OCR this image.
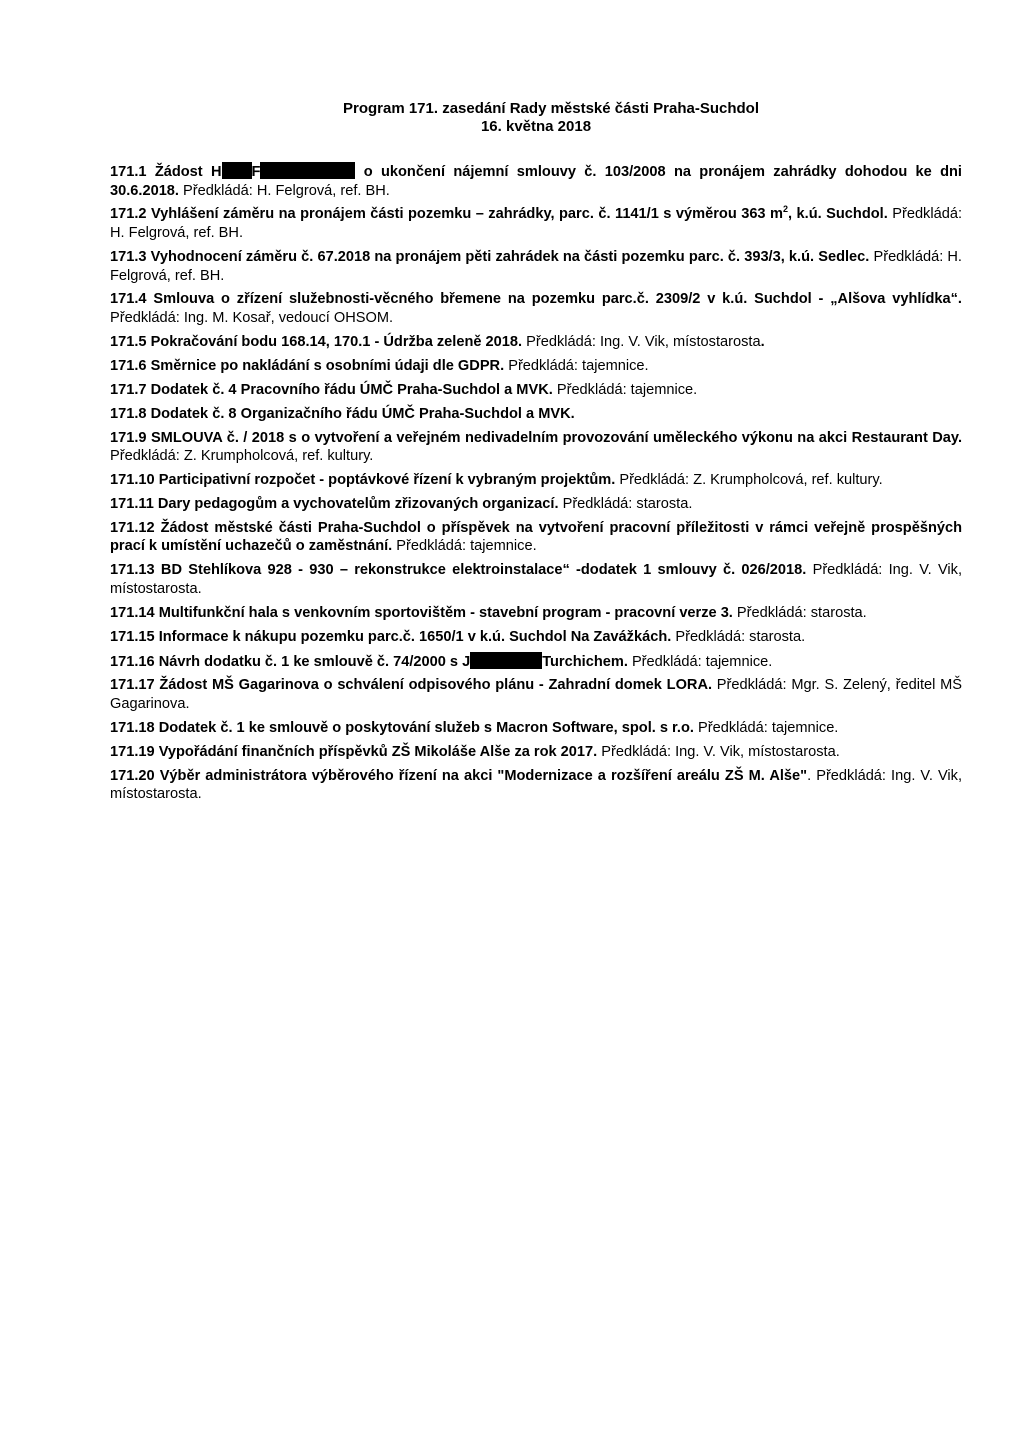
Program 171. zasedání Rady městské části Praha-Suchdol
16. května 2018
171.1 Žádost H F	o ukončení nájemní smlouvy č. 103/2008 na pronájem zahrádky dohodou ke dni 30.6.2018. Předkládá: H. Felgrová, ref. BH.
171.2 Vyhlášení záměru na pronájem části pozemku – zahrádky, parc. č. 1141/1 s výměrou 363 $m^2$, k.ú. Suchdol. Předkládá: H. Felgrová, ref. BH.
171.3 Vyhodnocení záměru č. 67.2018 na pronájem pěti zahrádek na části pozemku parc. č. 393/3, k.ú. Sedlec. Předkládá: H. Felgrová, ref. BH.
171.4 Smlouva o zřízení služebnosti-věcného břemene na pozemku parc.č. 2309/2 v k.ú. Suchdol - „Alšova vyhlídka“. Předkládá: Ing. M. Kosař, vedoucí OHSOM.
171.5 Pokračování bodu 168.14, 170.1 - Údržba zeleně 2018. Předkládá: Ing. V. Vik, místostarosta.
171.6 Směrnice po nakládání s osobními údaji dle GDPR. Předkládá: tajemnice.
171.7 Dodatek č. 4 Pracovního řádu ÚMČ Praha-Suchdol a MVK. Předkládá: tajemnice.
171.8 Dodatek č. 8 Organizačního řádu ÚMČ Praha-Suchdol a MVK.
171.9 SMLOUVA č. / 2018 s o vytvoření a veřejném nedivadelním provozování uměleckého výkonu na akci Restaurant Day. Předkládá: Z. Krumpholcová, ref. kultury.
171.10 Participativní rozpočet - poptávkové řízení k vybraným projektům. Předkládá: Z. Krumpholcová, ref. kultury.
171.11 Dary pedagogům a vychovatelům zřizovaných organizací. Předkládá: starosta.
171.12 Žádost městské části Praha-Suchdol o příspěvek na vytvoření pracovní příležitosti v rámci veřejně prospěšných prací k umístění uchazečů o zaměstnání. Předkládá: tajemnice.
171.13 BD Stehlíkova 928 - 930 – rekonstrukce elektroinstalace“ -dodatek 1 smlouvy č. 026/2018. Předkládá: Ing. V. Vik, místostarosta.
171.14 Multifunkční hala s venkovním sportovištěm - stavební program - pracovní verze 3. Předkládá: starosta.
171.15 Informace k nákupu pozemku parc.č. 1650/1 v k.ú. Suchdol Na Zavážkách. Předkládá: starosta.
171.16 Návrh dodatku č. 1 ke smlouvě č. 74/2000 s J	Turchichem. Předkládá: tajemnice.
171.17 Žádost MŠ Gagarinova o schválení odpisového plánu - Zahradní domek LORA. Předkládá: Mgr. S. Zelený, ředitel MŠ Gagarinova.
171.18 Dodatek č. 1 ke smlouvě o poskytování služeb s Macron Software, spol. s r.o. Předkládá: tajemnice.
171.19 Vypořádání finančních příspěvků ZŠ Mikoláše Alše za rok 2017. Předkládá: Ing. V. Vik, místostarosta.
171.20 Výběr administrátora výběrového řízení na akci "Modernizace a rozšíření areálu ZŠ M. Alše". Předkládá: Ing. V. Vik, místostarosta.
